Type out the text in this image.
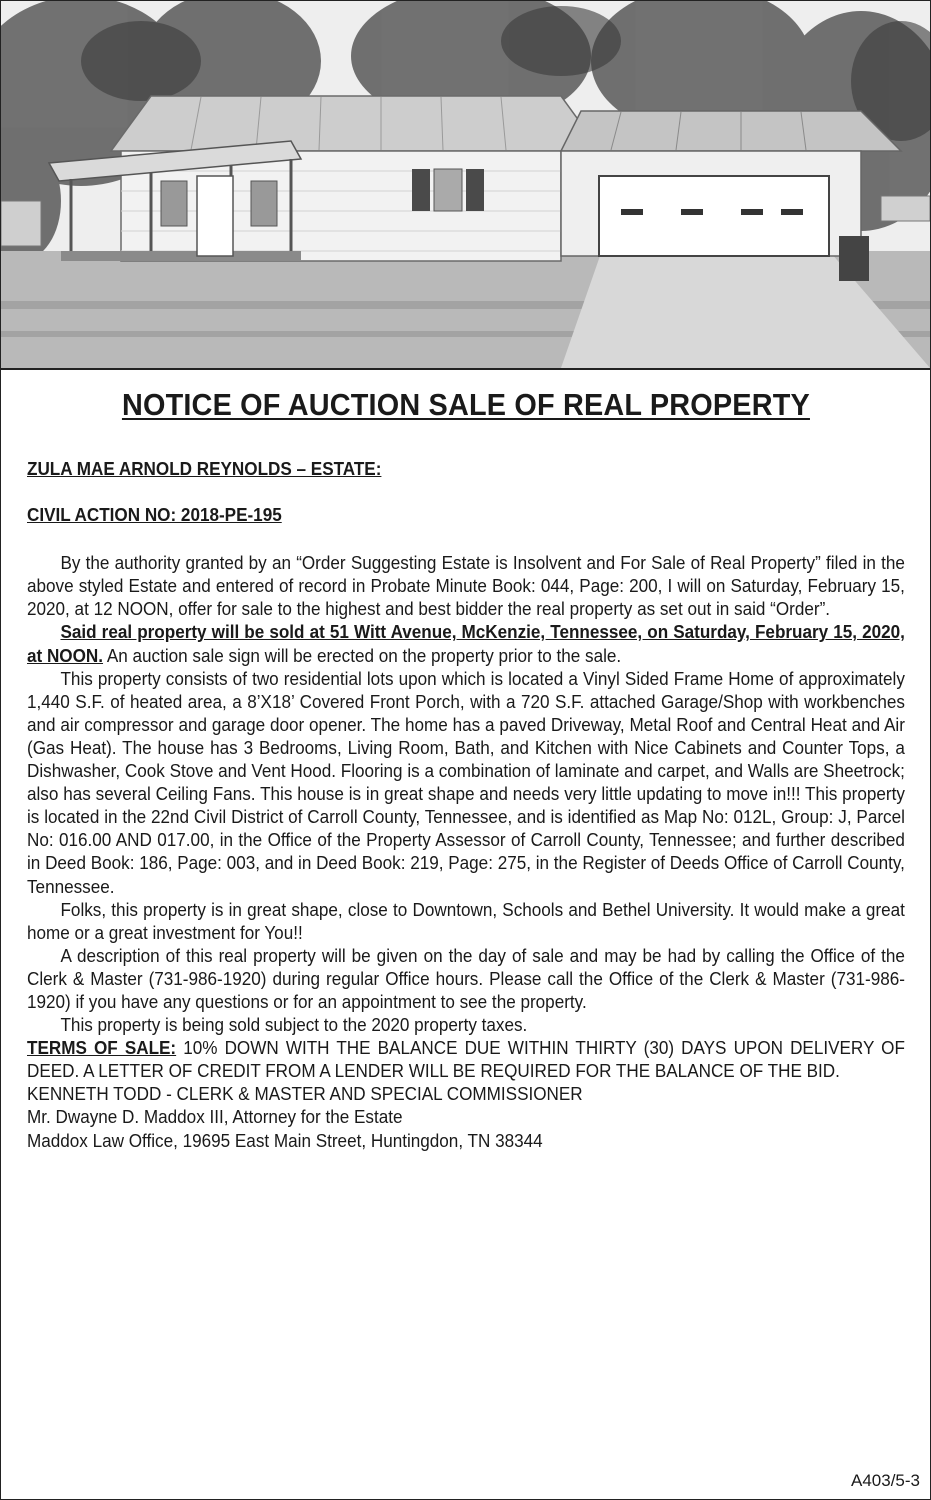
NOTICE OF AUCTION SALE OF REAL PROPERTY

ZULA MAE ARNOLD REYNOLDS – ESTATE:

CIVIL ACTION NO: 2018-PE-195

By the authority granted by an “Order Suggesting Estate is Insolvent and For Sale of Real Property” filed in the above styled Estate and entered of record in Probate Minute Book: 044, Page: 200, I will on Saturday, February 15, 2020, at 12 NOON, offer for sale to the highest and best bidder the real property as set out in said “Order”.

Said real property will be sold at 51 Witt Avenue, McKenzie, Tennessee, on Saturday, February 15, 2020, at NOON. An auction sale sign will be erected on the property prior to the sale.

This property consists of two residential lots upon which is located a Vinyl Sided Frame Home of approximately 1,440 S.F. of heated area, a 8’X18’ Covered Front Porch, with a 720 S.F. attached Garage/Shop with workbenches and air compressor and garage door opener. The home has a paved Driveway, Metal Roof and Central Heat and Air (Gas Heat). The house has 3 Bedrooms, Living Room, Bath, and Kitchen with Nice Cabinets and Counter Tops, a Dishwasher, Cook Stove and Vent Hood. Flooring is a combination of laminate and carpet, and Walls are Sheetrock; also has several Ceiling Fans. This house is in great shape and needs very little updating to move in!!! This property is located in the 22nd Civil District of Carroll County, Tennessee, and is identified as Map No: 012L, Group: J, Parcel No: 016.00 AND 017.00, in the Office of the Property Assessor of Carroll County, Tennessee; and further described in Deed Book: 186, Page: 003, and in Deed Book: 219, Page: 275, in the Register of Deeds Office of Carroll County, Tennessee.

Folks, this property is in great shape, close to Downtown, Schools and Bethel University. It would make a great home or a great investment for You!!

A description of this real property will be given on the day of sale and may be had by calling the Office of the Clerk & Master (731-986-1920) during regular Office hours. Please call the Office of the Clerk & Master (731-986-1920) if you have any questions or for an appointment to see the property.

This property is being sold subject to the 2020 property taxes.

TERMS OF SALE: 10% DOWN WITH THE BALANCE DUE WITHIN THIRTY (30) DAYS UPON DELIVERY OF DEED. A LETTER OF CREDIT FROM A LENDER WILL BE REQUIRED FOR THE BALANCE OF THE BID.

KENNETH TODD - CLERK & MASTER AND SPECIAL COMMISSIONER

Mr. Dwayne D. Maddox III, Attorney for the Estate

Maddox Law Office, 19695 East Main Street, Huntingdon, TN 38344

A403/5-3
